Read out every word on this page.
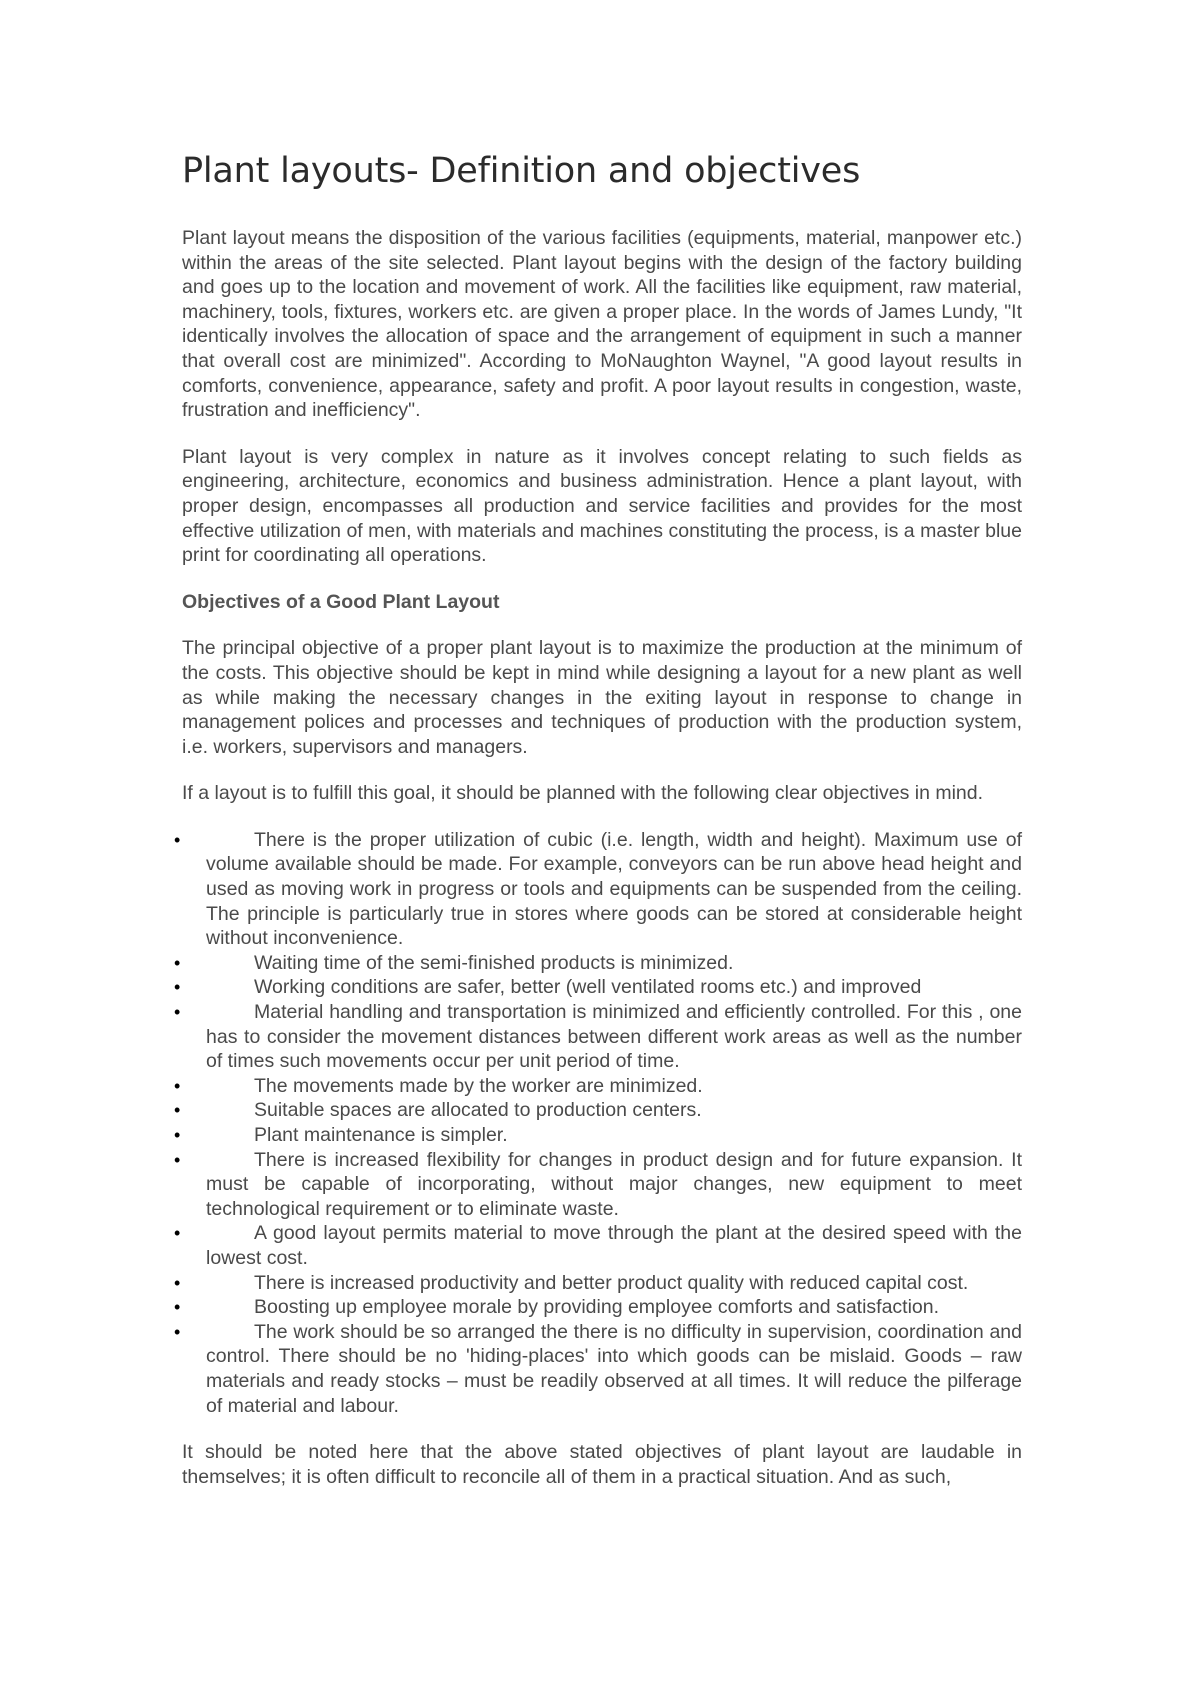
Plant layouts- Definition and objectives

Plant layout means the disposition of the various facilities (equipments, material, manpower etc.) within the areas of the site selected. Plant layout begins with the design of the factory building and goes up to the location and movement of work. All the facilities like equipment, raw material, machinery, tools, fixtures, workers etc. are given a proper place. In the words of James Lundy, "It identically involves the allocation of space and the arrangement of equipment in such a manner that overall cost are minimized". According to MoNaughton Waynel, "A good layout results in comforts, convenience, appearance, safety and profit. A poor layout results in congestion, waste, frustration and inefficiency".

Plant layout is very complex in nature as it involves concept relating to such fields as engineering, architecture, economics and business administration. Hence a plant layout, with proper design, encompasses all production and service facilities and provides for the most effective utilization of men, with materials and machines constituting the process, is a master blue print for coordinating all operations.

Objectives of a Good Plant Layout

The principal objective of a proper plant layout is to maximize the production at the minimum of the costs. This objective should be kept in mind while designing a layout for a new plant as well as while making the necessary changes in the exiting layout in response to change in management polices and processes and techniques of production with the production system, i.e. workers, supervisors and managers.

If a layout is to fulfill this goal, it should be planned with the following clear objectives in mind.

•	There is the proper utilization of cubic (i.e. length, width and height). Maximum use of volume available should be made. For example, conveyors can be run above head height and used as moving work in progress or tools and equipments can be suspended from the ceiling. The principle is particularly true in stores where goods can be stored at considerable height without inconvenience.
•	Waiting time of the semi-finished products is minimized.
•	Working conditions are safer, better (well ventilated rooms etc.) and improved
•	Material handling and transportation is minimized and efficiently controlled. For this , one has to consider the movement distances between different work areas as well as the number of times such movements occur per unit period of time.
•	The movements made by the worker are minimized.
•	Suitable spaces are allocated to production centers.
•	Plant maintenance is simpler.
•	There is increased flexibility for changes in product design and for future expansion. It must be capable of incorporating, without major changes, new equipment to meet technological requirement or to eliminate waste.
•	A good layout permits material to move through the plant at the desired speed with the lowest cost.
•	There is increased productivity and better product quality with reduced capital cost.
•	Boosting up employee morale by providing employee comforts and satisfaction.
•	The work should be so arranged the there is no difficulty in supervision, coordination and control. There should be no 'hiding-places' into which goods can be mislaid. Goods – raw materials and ready stocks – must be readily observed at all times. It will reduce the pilferage of material and labour.

It should be noted here that the above stated objectives of plant layout are laudable in themselves; it is often difficult to reconcile all of them in a practical situation. And as such,
